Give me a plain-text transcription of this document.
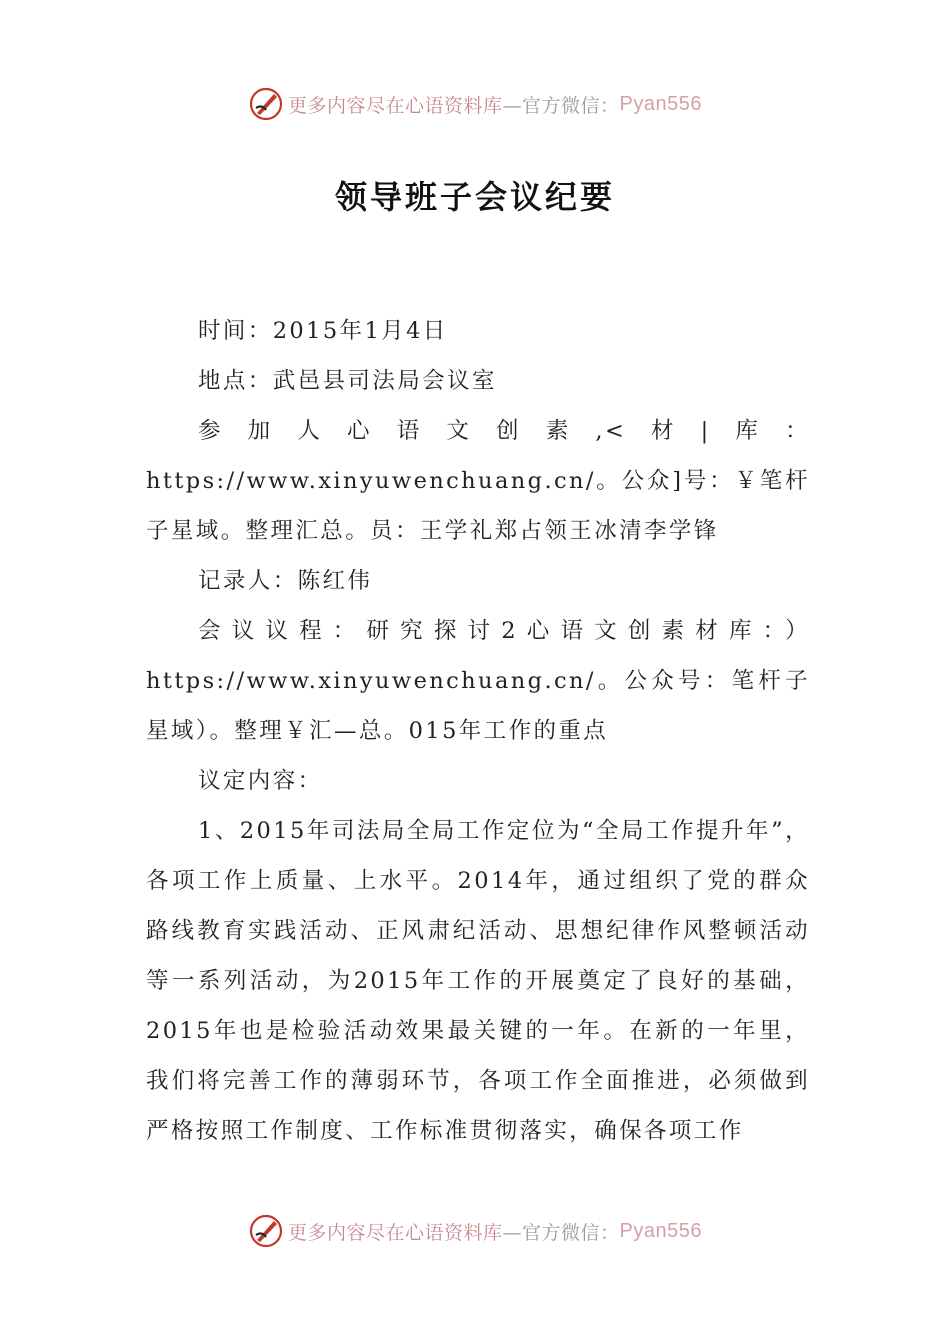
更多内容尽在心语资料库 —官方微信： Pyan556
领导班子会议纪要

时间：2015年1月4日

地点：武邑县司法局会议室

参加人心语文创素,<材|库：https://www.xinyuwenchuang.cn/。公众]号：￥笔杆子星域。整理汇总。员：王学礼郑占领王冰清李学锋

记录人：陈红伟

会议议程：研究探讨2心语文创素材库：）https://www.xinyuwenchuang.cn/。公众号：笔杆子星域）。整理￥汇—总。015年工作的重点

议定内容：

1、2015年司法局全局工作定位为“全局工作提升年”，各项工作上质量、上水平。2014年，通过组织了党的群众路线教育实践活动、正风肃纪活动、思想纪律作风整顿活动等一系列活动，为2015年工作的开展奠定了良好的基础，2015年也是检验活动效果最关键的一年。在新的一年里，我们将完善工作的薄弱环节，各项工作全面推进，必须做到严格按照工作制度、工作标准贯彻落实，确保各项工作

更多内容尽在心语资料库 —官方微信： Pyan556
